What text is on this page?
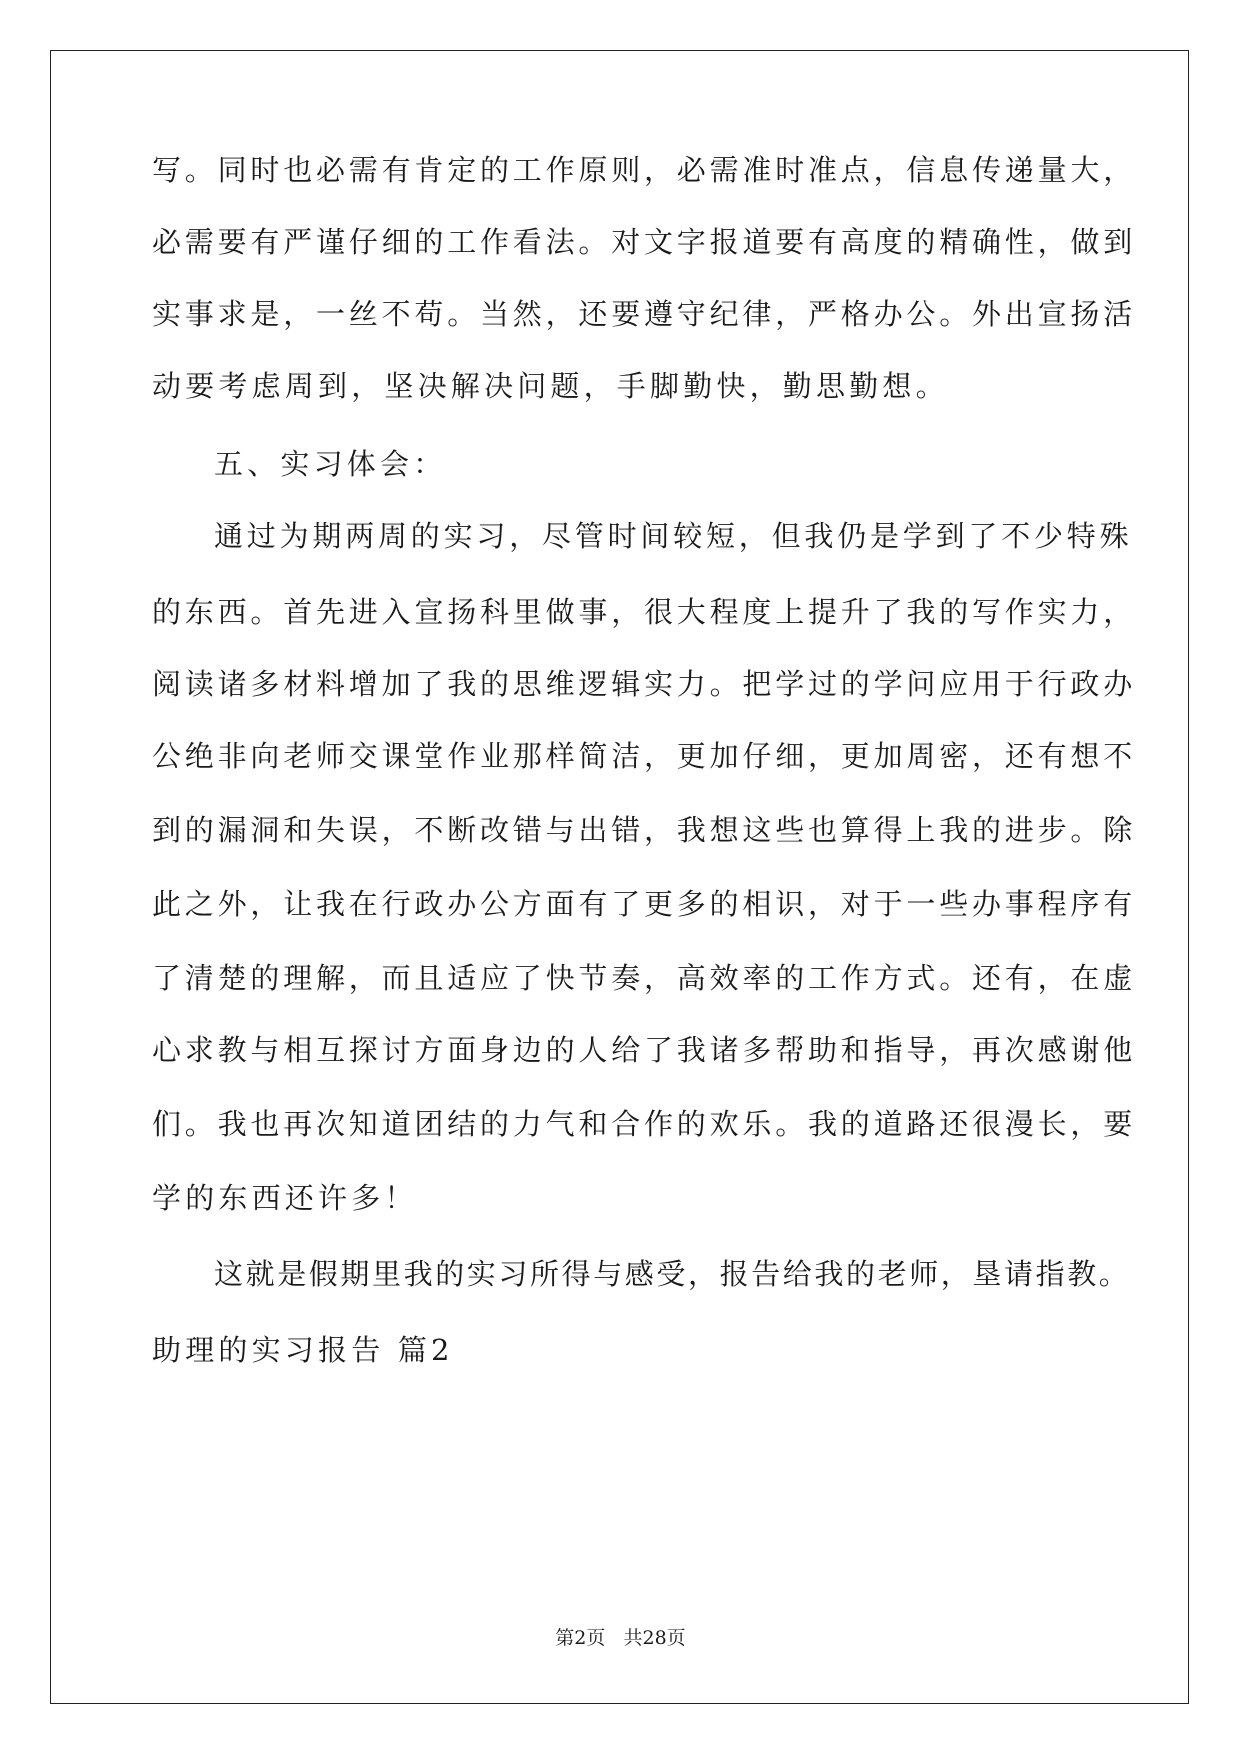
写。同时也必需有肯定的工作原则，必需准时准点，信息传递量大，
必需要有严谨仔细的工作看法。对文字报道要有高度的精确性，做到
实事求是，一丝不苟。当然，还要遵守纪律，严格办公。外出宣扬活
动要考虑周到，坚决解决问题，手脚勤快，勤思勤想。
五、实习体会：
通过为期两周的实习，尽管时间较短，但我仍是学到了不少特殊
的东西。首先进入宣扬科里做事，很大程度上提升了我的写作实力，
阅读诸多材料增加了我的思维逻辑实力。把学过的学问应用于行政办
公绝非向老师交课堂作业那样简洁，更加仔细，更加周密，还有想不
到的漏洞和失误，不断改错与出错，我想这些也算得上我的进步。除
此之外，让我在行政办公方面有了更多的相识，对于一些办事程序有
了清楚的理解，而且适应了快节奏，高效率的工作方式。还有，在虚
心求教与相互探讨方面身边的人给了我诸多帮助和指导，再次感谢他
们。我也再次知道团结的力气和合作的欢乐。我的道路还很漫长，要
学的东西还许多！
这就是假期里我的实习所得与感受，报告给我的老师，垦请指教。
助理的实习报告 篇2
第2页   共28页
